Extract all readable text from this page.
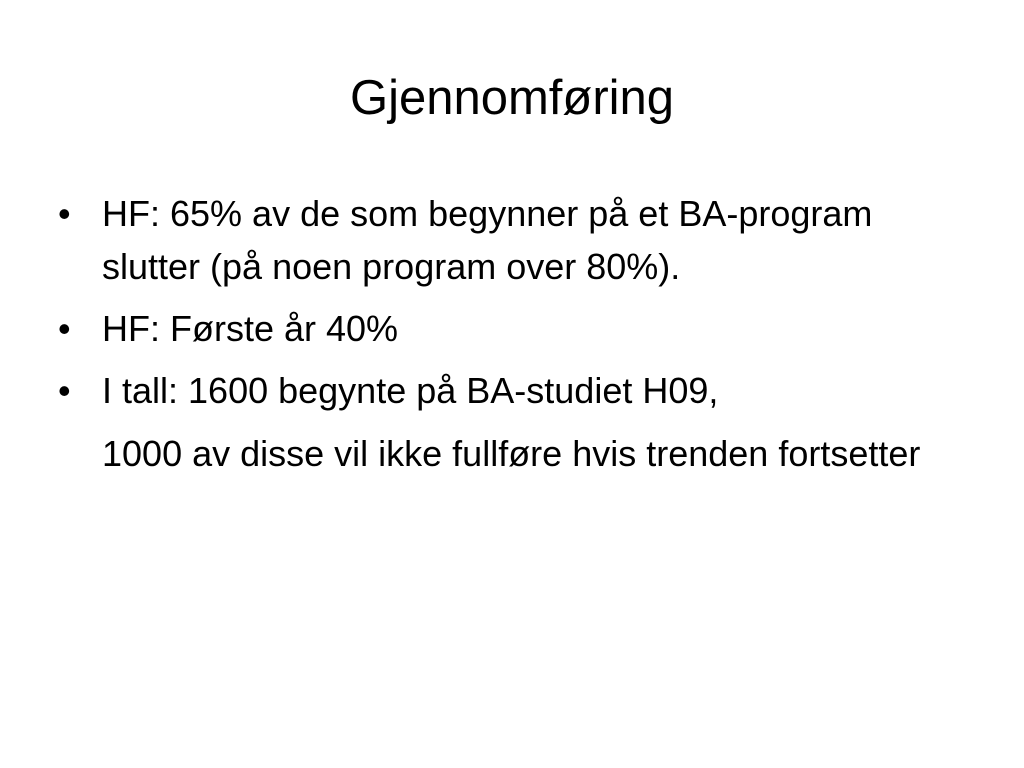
Gjennomføring
• HF: 65% av de som begynner på et BA-program slutter (på noen program over 80%).
• HF: Første år 40%
• I tall: 1600 begynte på BA-studiet H09,
1000 av disse vil ikke fullføre hvis trenden fortsetter
